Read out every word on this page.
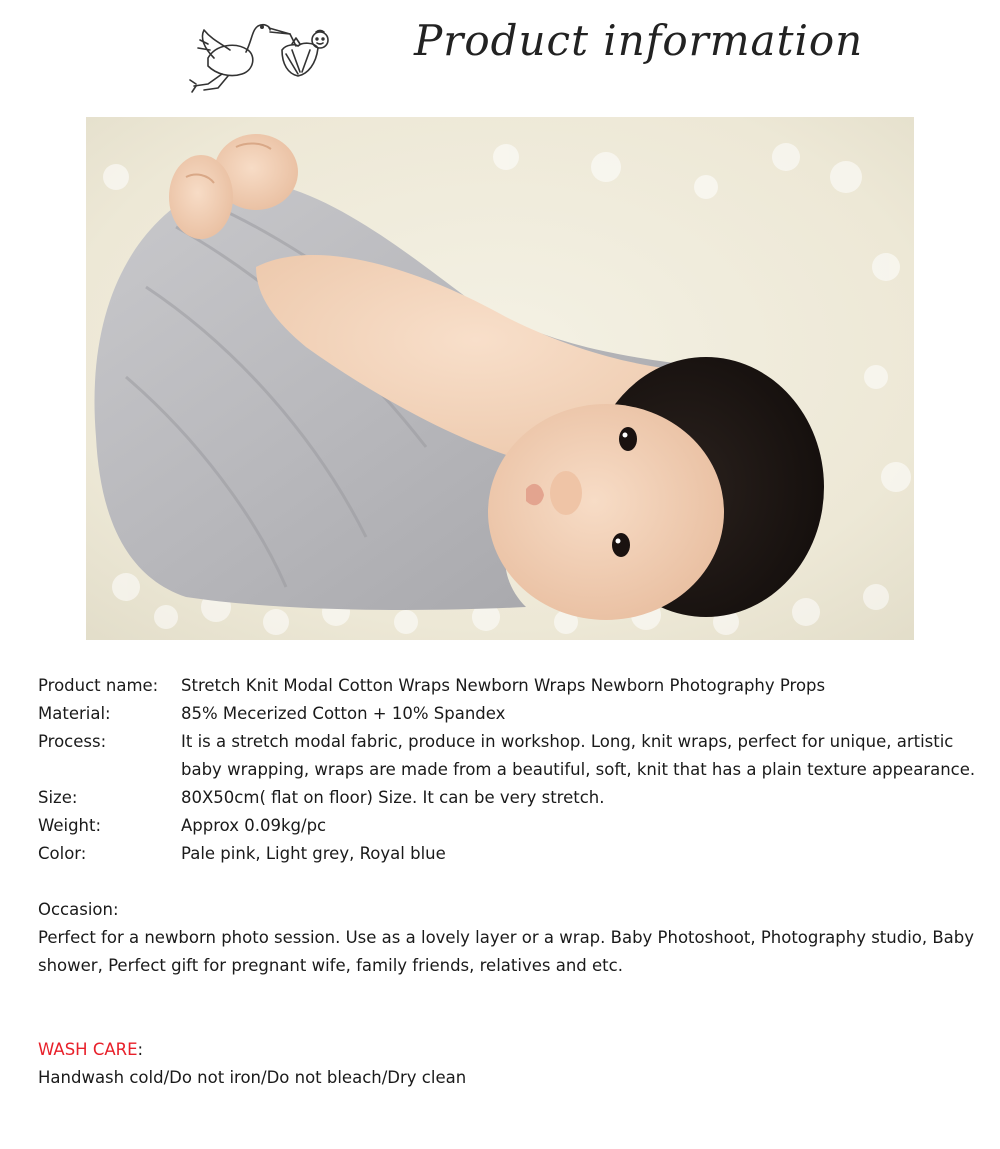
Product information
Product name:	Stretch Knit Modal Cotton Wraps Newborn Wraps Newborn Photography Props
Material:	85% Mecerized Cotton + 10% Spandex
Process:	It is a stretch modal fabric, produce in workshop. Long, knit wraps, perfect for unique, artistic baby wrapping, wraps are made from a beautiful, soft, knit that has a plain texture appearance.
Size:	80X50cm( flat on floor) Size. It can be very stretch.
Weight:	Approx 0.09kg/pc
Color:	Pale pink, Light grey, Royal blue
Occasion:
Perfect for a newborn photo session. Use as a lovely layer or a wrap. Baby Photoshoot, Photography studio, Baby shower, Perfect gift for pregnant wife, family friends, relatives and etc.
WASH CARE:
Handwash cold/Do not iron/Do not bleach/Dry clean
